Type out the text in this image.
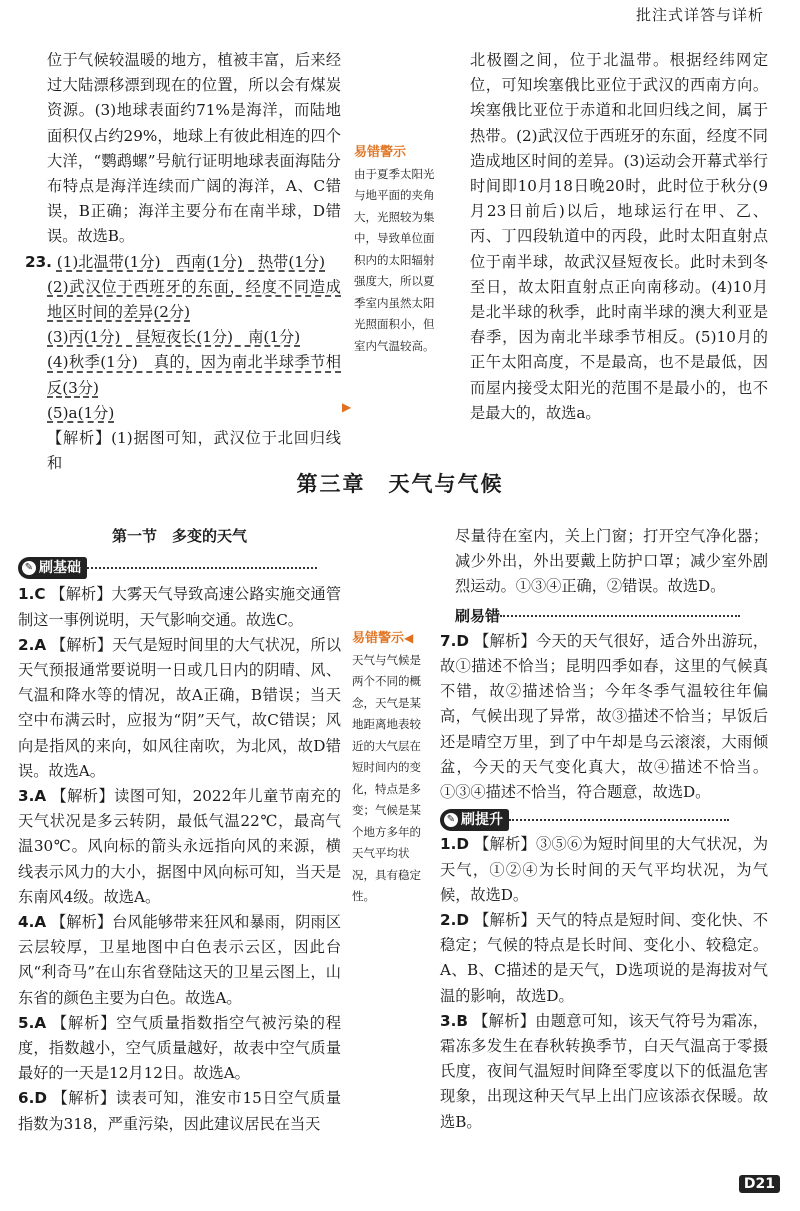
批注式详答与详析

位于气候较温暖的地方，植被丰富，后来经过大陆漂移漂到现在的位置，所以会有煤炭资源。(3)地球表面约71%是海洋，而陆地面积仅占约29%，地球上有彼此相连的四个大洋，“鹦鹉螺”号航行证明地球表面海陆分布特点是海洋连续而广阔的海洋，A、C错误，B正确；海洋主要分布在南半球，D错误。故选B。

23. (1)北温带(1分)　西南(1分)　热带(1分)

(2)武汉位于西班牙的东面，经度不同造成地区时间的差异(2分)

(3)丙(1分)　昼短夜长(1分)　南(1分)

(4)秋季(1分)　真的，因为南北半球季节相反(3分)

(5)a(1分)

【解析】(1)据图可知，武汉位于北回归线和

易错警示
由于夏季太阳光与地平面的夹角大，光照较为集中，导致单位面积内的太阳辐射强度大，所以夏季室内虽然太阳光照面积小，但室内气温较高。
▶

北极圈之间，位于北温带。根据经纬网定位，可知埃塞俄比亚位于武汉的西南方向。埃塞俄比亚位于赤道和北回归线之间，属于热带。(2)武汉位于西班牙的东面，经度不同造成地区时间的差异。(3)运动会开幕式举行时间即10月18日晚20时，此时位于秋分(9月23日前后)以后，地球运行在甲、乙、丙、丁四段轨道中的丙段，此时太阳直射点位于南半球，故武汉昼短夜长。此时未到冬至日，故太阳直射点正向南移动。(4)10月是北半球的秋季，此时南半球的澳大利亚是春季，因为南北半球季节相反。(5)10月的正午太阳高度，不是最高，也不是最低，因而屋内接受太阳光的范围不是最小的，也不是最大的，故选a。

第三章　天气与气候

第一节　多变的天气

✎ 刷基础

1.C 【解析】大雾天气导致高速公路实施交通管制这一事例说明，天气影响交通。故选C。
2.A 【解析】天气是短时间里的大气状况，所以天气预报通常要说明一日或几日内的阴晴、风、气温和降水等的情况，故A正确，B错误；当天空中布满云时，应报为“阴”天气，故C错误；风向是指风的来向，如风往南吹，为北风，故D错误。故选A。
3.A 【解析】读图可知，2022年儿童节南充的天气状况是多云转阴，最低气温22℃，最高气温30℃。风向标的箭头永远指向风的来源，横线表示风力的大小，据图中风向标可知，当天是东南风4级。故选A。
4.A 【解析】台风能够带来狂风和暴雨，阴雨区云层较厚，卫星地图中白色表示云区，因此台风“利奇马”在山东省登陆这天的卫星云图上，山东省的颜色主要为白色。故选A。
5.A 【解析】空气质量指数指空气被污染的程度，指数越小，空气质量越好，故表中空气质量最好的一天是12月12日。故选A。
6.D 【解析】读表可知，淮安市15日空气质量指数为318，严重污染，因此建议居民在当天
易错警示◀
天气与气候是两个不同的概念，天气是某地距离地表较近的大气层在短时间内的变化，特点是多变；气候是某个地方多年的天气平均状况，具有稳定性。

尽量待在室内，关上门窗；打开空气净化器；减少外出，外出要戴上防护口罩；减少室外剧烈运动。①③④正确，②错误。故选D。

刷易错

7.D 【解析】今天的天气很好，适合外出游玩，故①描述不恰当；昆明四季如春，这里的气候真不错，故②描述恰当；今年冬季气温较往年偏高，气候出现了异常，故③描述不恰当；早饭后还是晴空万里，到了中午却是乌云滚滚，大雨倾盆，今天的天气变化真大，故④描述不恰当。①③④描述不恰当，符合题意，故选D。

✎ 刷提升

1.D 【解析】③⑤⑥为短时间里的大气状况，为天气，①②④为长时间的天气平均状况，为气候，故选D。
2.D 【解析】天气的特点是短时间、变化快、不稳定；气候的特点是长时间、变化小、较稳定。A、B、C描述的是天气，D选项说的是海拔对气温的影响，故选D。
3.B 【解析】由题意可知，该天气符号为霜冻，霜冻多发生在春秋转换季节，白天气温高于零摄氏度，夜间气温短时间降至零度以下的低温危害现象，出现这种天气早上出门应该添衣保暖。故选B。
D21
